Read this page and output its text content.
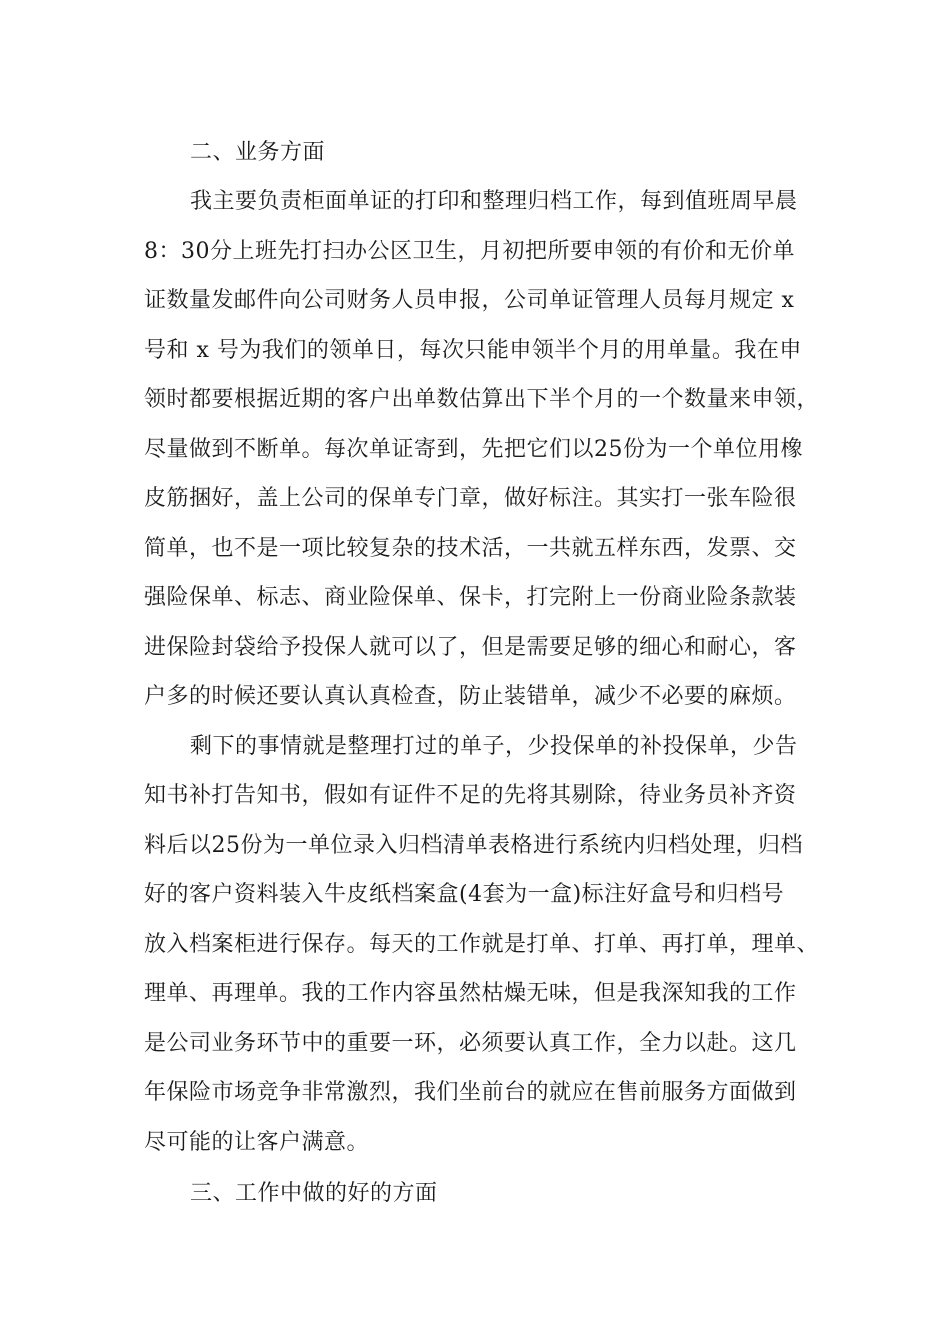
二、业务方面
我主要负责柜面单证的打印和整理归档工作，每到值班周早晨
8：30分上班先打扫办公区卫生，月初把所要申领的有价和无价单
证数量发邮件向公司财务人员申报，公司单证管理人员每月规定 x
号和 x 号为我们的领单日，每次只能申领半个月的用单量。我在申
领时都要根据近期的客户出单数估算出下半个月的一个数量来申领，
尽量做到不断单。每次单证寄到，先把它们以25份为一个单位用橡
皮筋捆好，盖上公司的保单专门章，做好标注。其实打一张车险很
简单，也不是一项比较复杂的技术活，一共就五样东西，发票、交
强险保单、标志、商业险保单、保卡，打完附上一份商业险条款装
进保险封袋给予投保人就可以了，但是需要足够的细心和耐心，客
户多的时候还要认真认真检查，防止装错单，减少不必要的麻烦。
剩下的事情就是整理打过的单子，少投保单的补投保单，少告
知书补打告知书，假如有证件不足的先将其剔除，待业务员补齐资
料后以25份为一单位录入归档清单表格进行系统内归档处理，归档
好的客户资料装入牛皮纸档案盒(4套为一盒)标注好盒号和归档号
放入档案柜进行保存。每天的工作就是打单、打单、再打单，理单、
理单、再理单。我的工作内容虽然枯燥无味，但是我深知我的工作
是公司业务环节中的重要一环，必须要认真工作，全力以赴。这几
年保险市场竞争非常激烈，我们坐前台的就应在售前服务方面做到
尽可能的让客户满意。
三、工作中做的好的方面
